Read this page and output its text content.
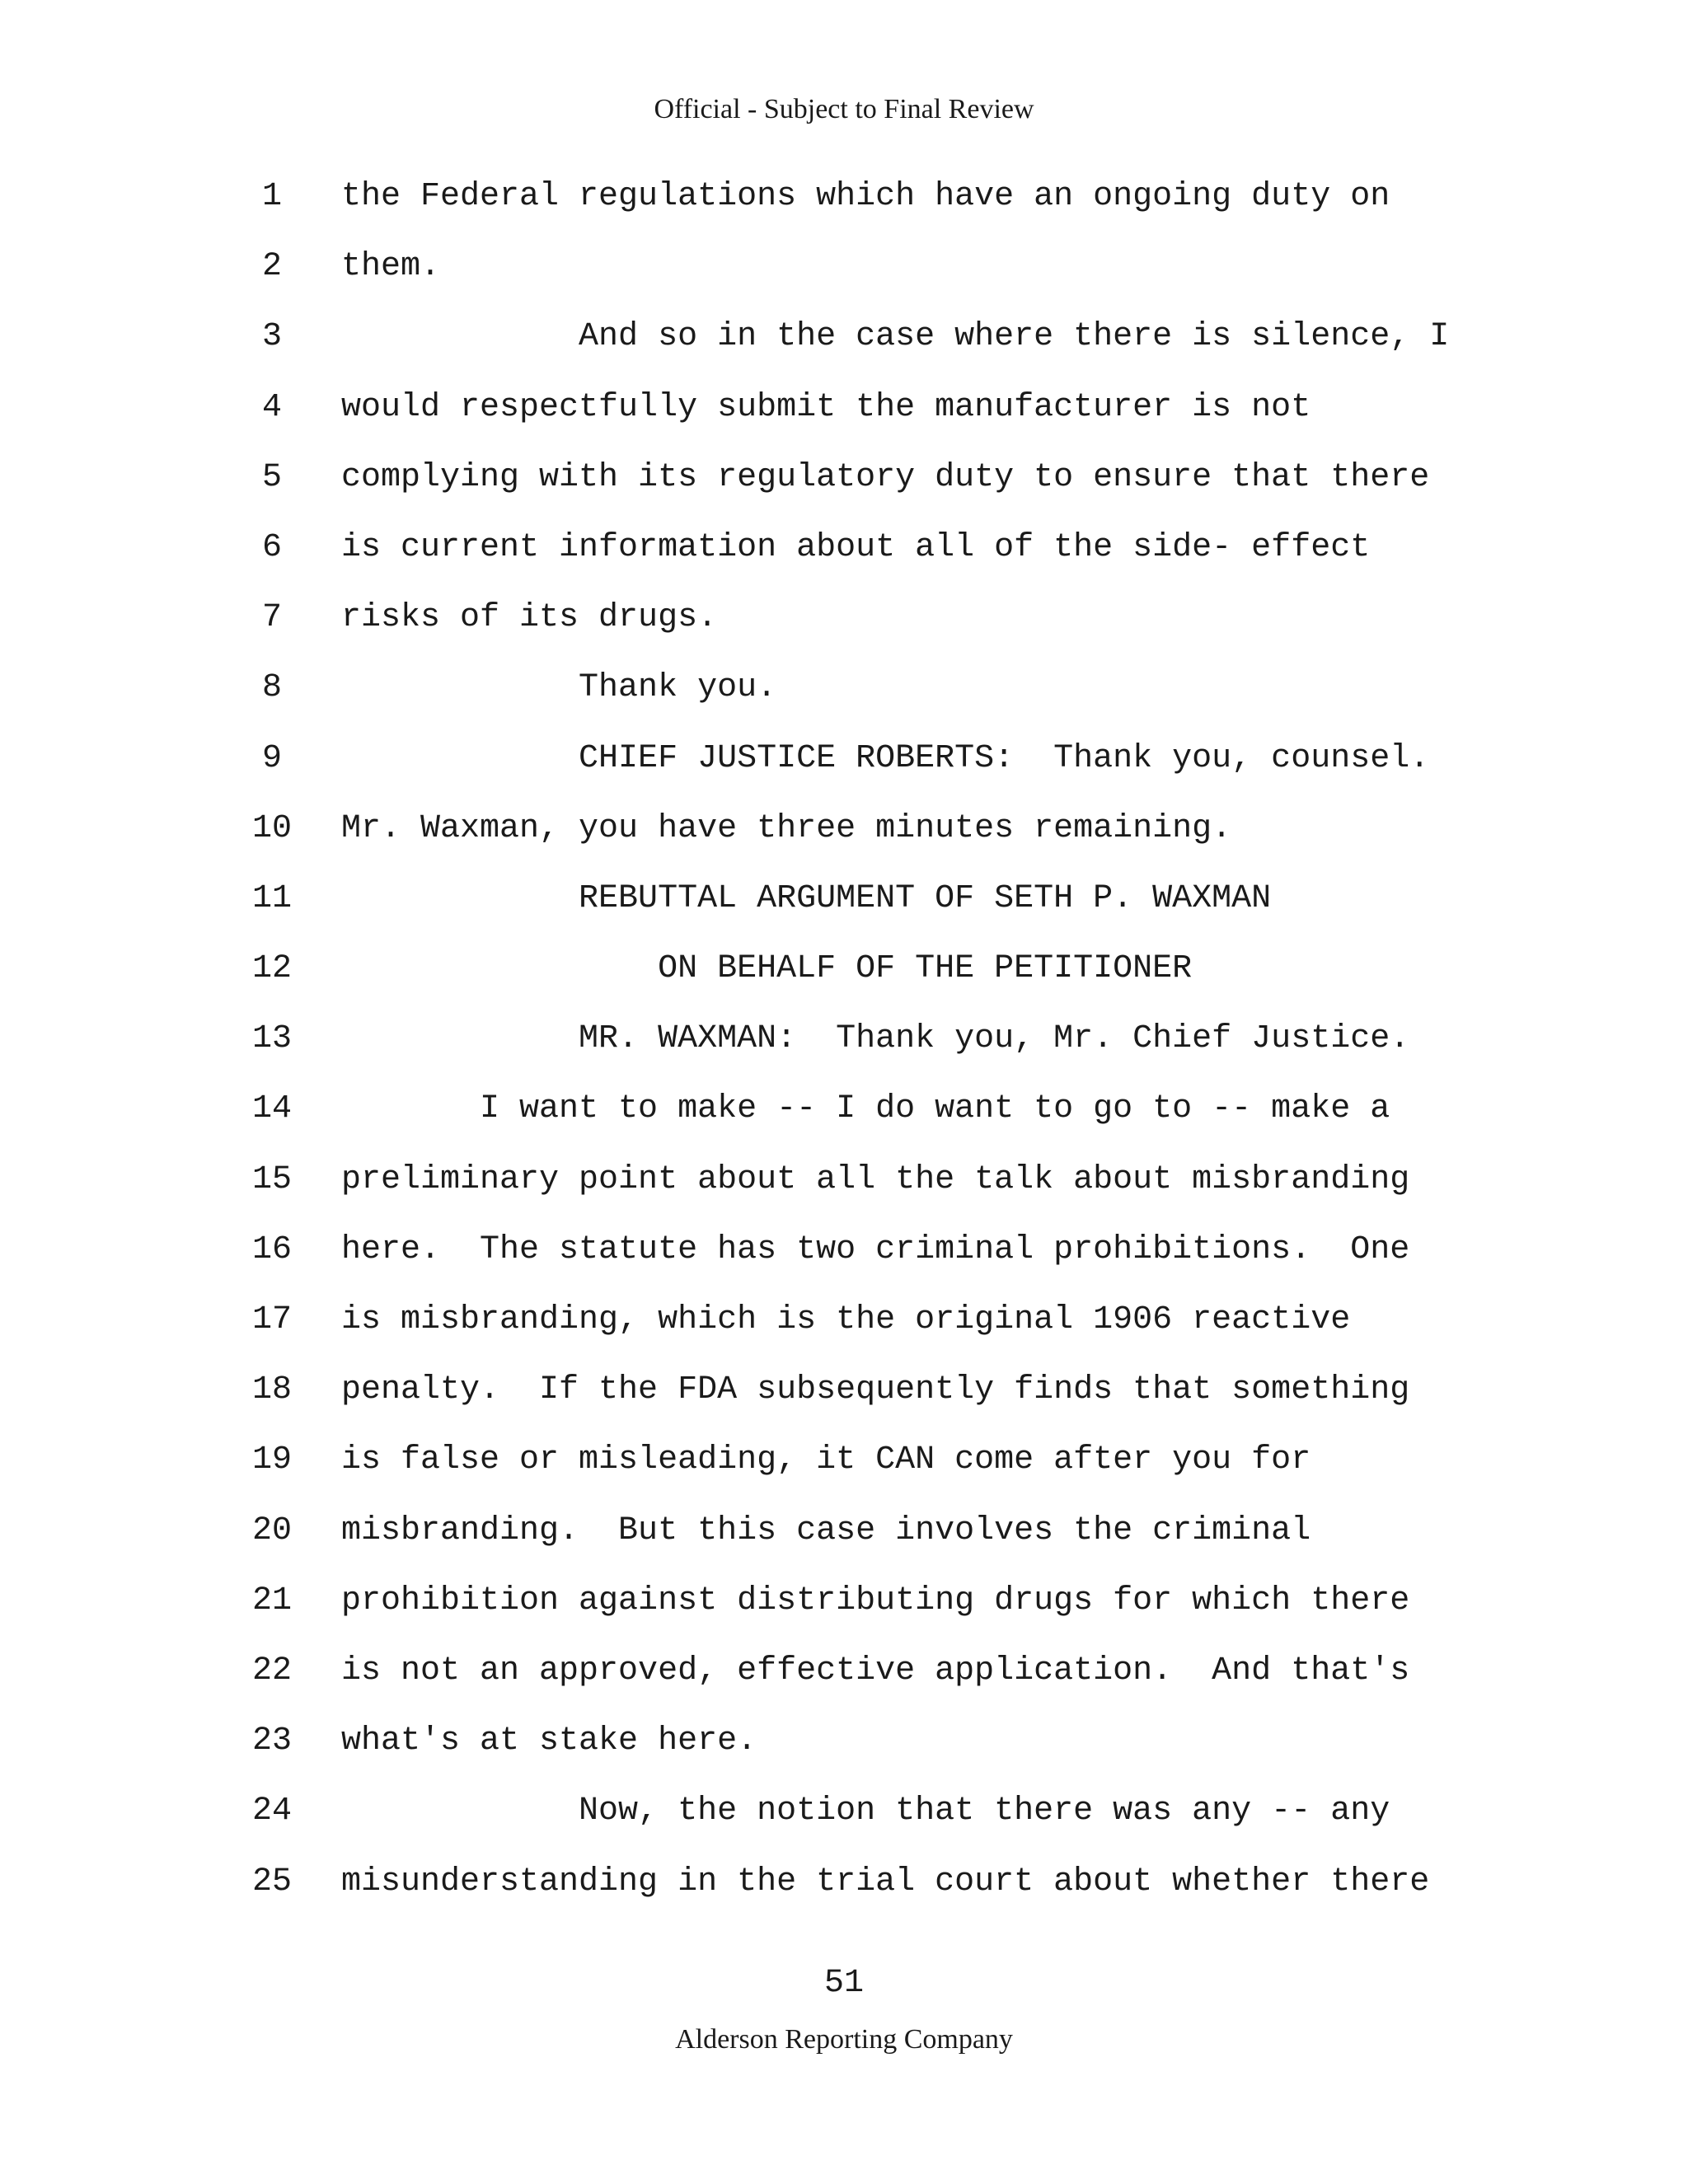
Official - Subject to Final Review
1	the Federal regulations which have an ongoing duty on
2	them.
3	And so in the case where there is silence, I
4	would respectfully submit the manufacturer is not
5	complying with its regulatory duty to ensure that there
6	is current information about all of the side- effect
7	risks of its drugs.
8	Thank you.
9	CHIEF JUSTICE ROBERTS:  Thank you, counsel.
10 Mr. Waxman, you have three minutes remaining.
11 REBUTTAL ARGUMENT OF SETH P. WAXMAN
12 ON BEHALF OF THE PETITIONER
13 MR. WAXMAN:  Thank you, Mr. Chief Justice.
14 I want to make -- I do want to go to -- make a
15 preliminary point about all the talk about misbranding
16 here.  The statute has two criminal prohibitions.  One
17 is misbranding, which is the original 1906 reactive
18 penalty.  If the FDA subsequently finds that something
19 is false or misleading, it CAN come after you for
20 misbranding.  But this case involves the criminal
21 prohibition against distributing drugs for which there
22 is not an approved, effective application.  And that's
23 what's at stake here.
24 Now, the notion that there was any -- any
25 misunderstanding in the trial court about whether there
51
Alderson Reporting Company
